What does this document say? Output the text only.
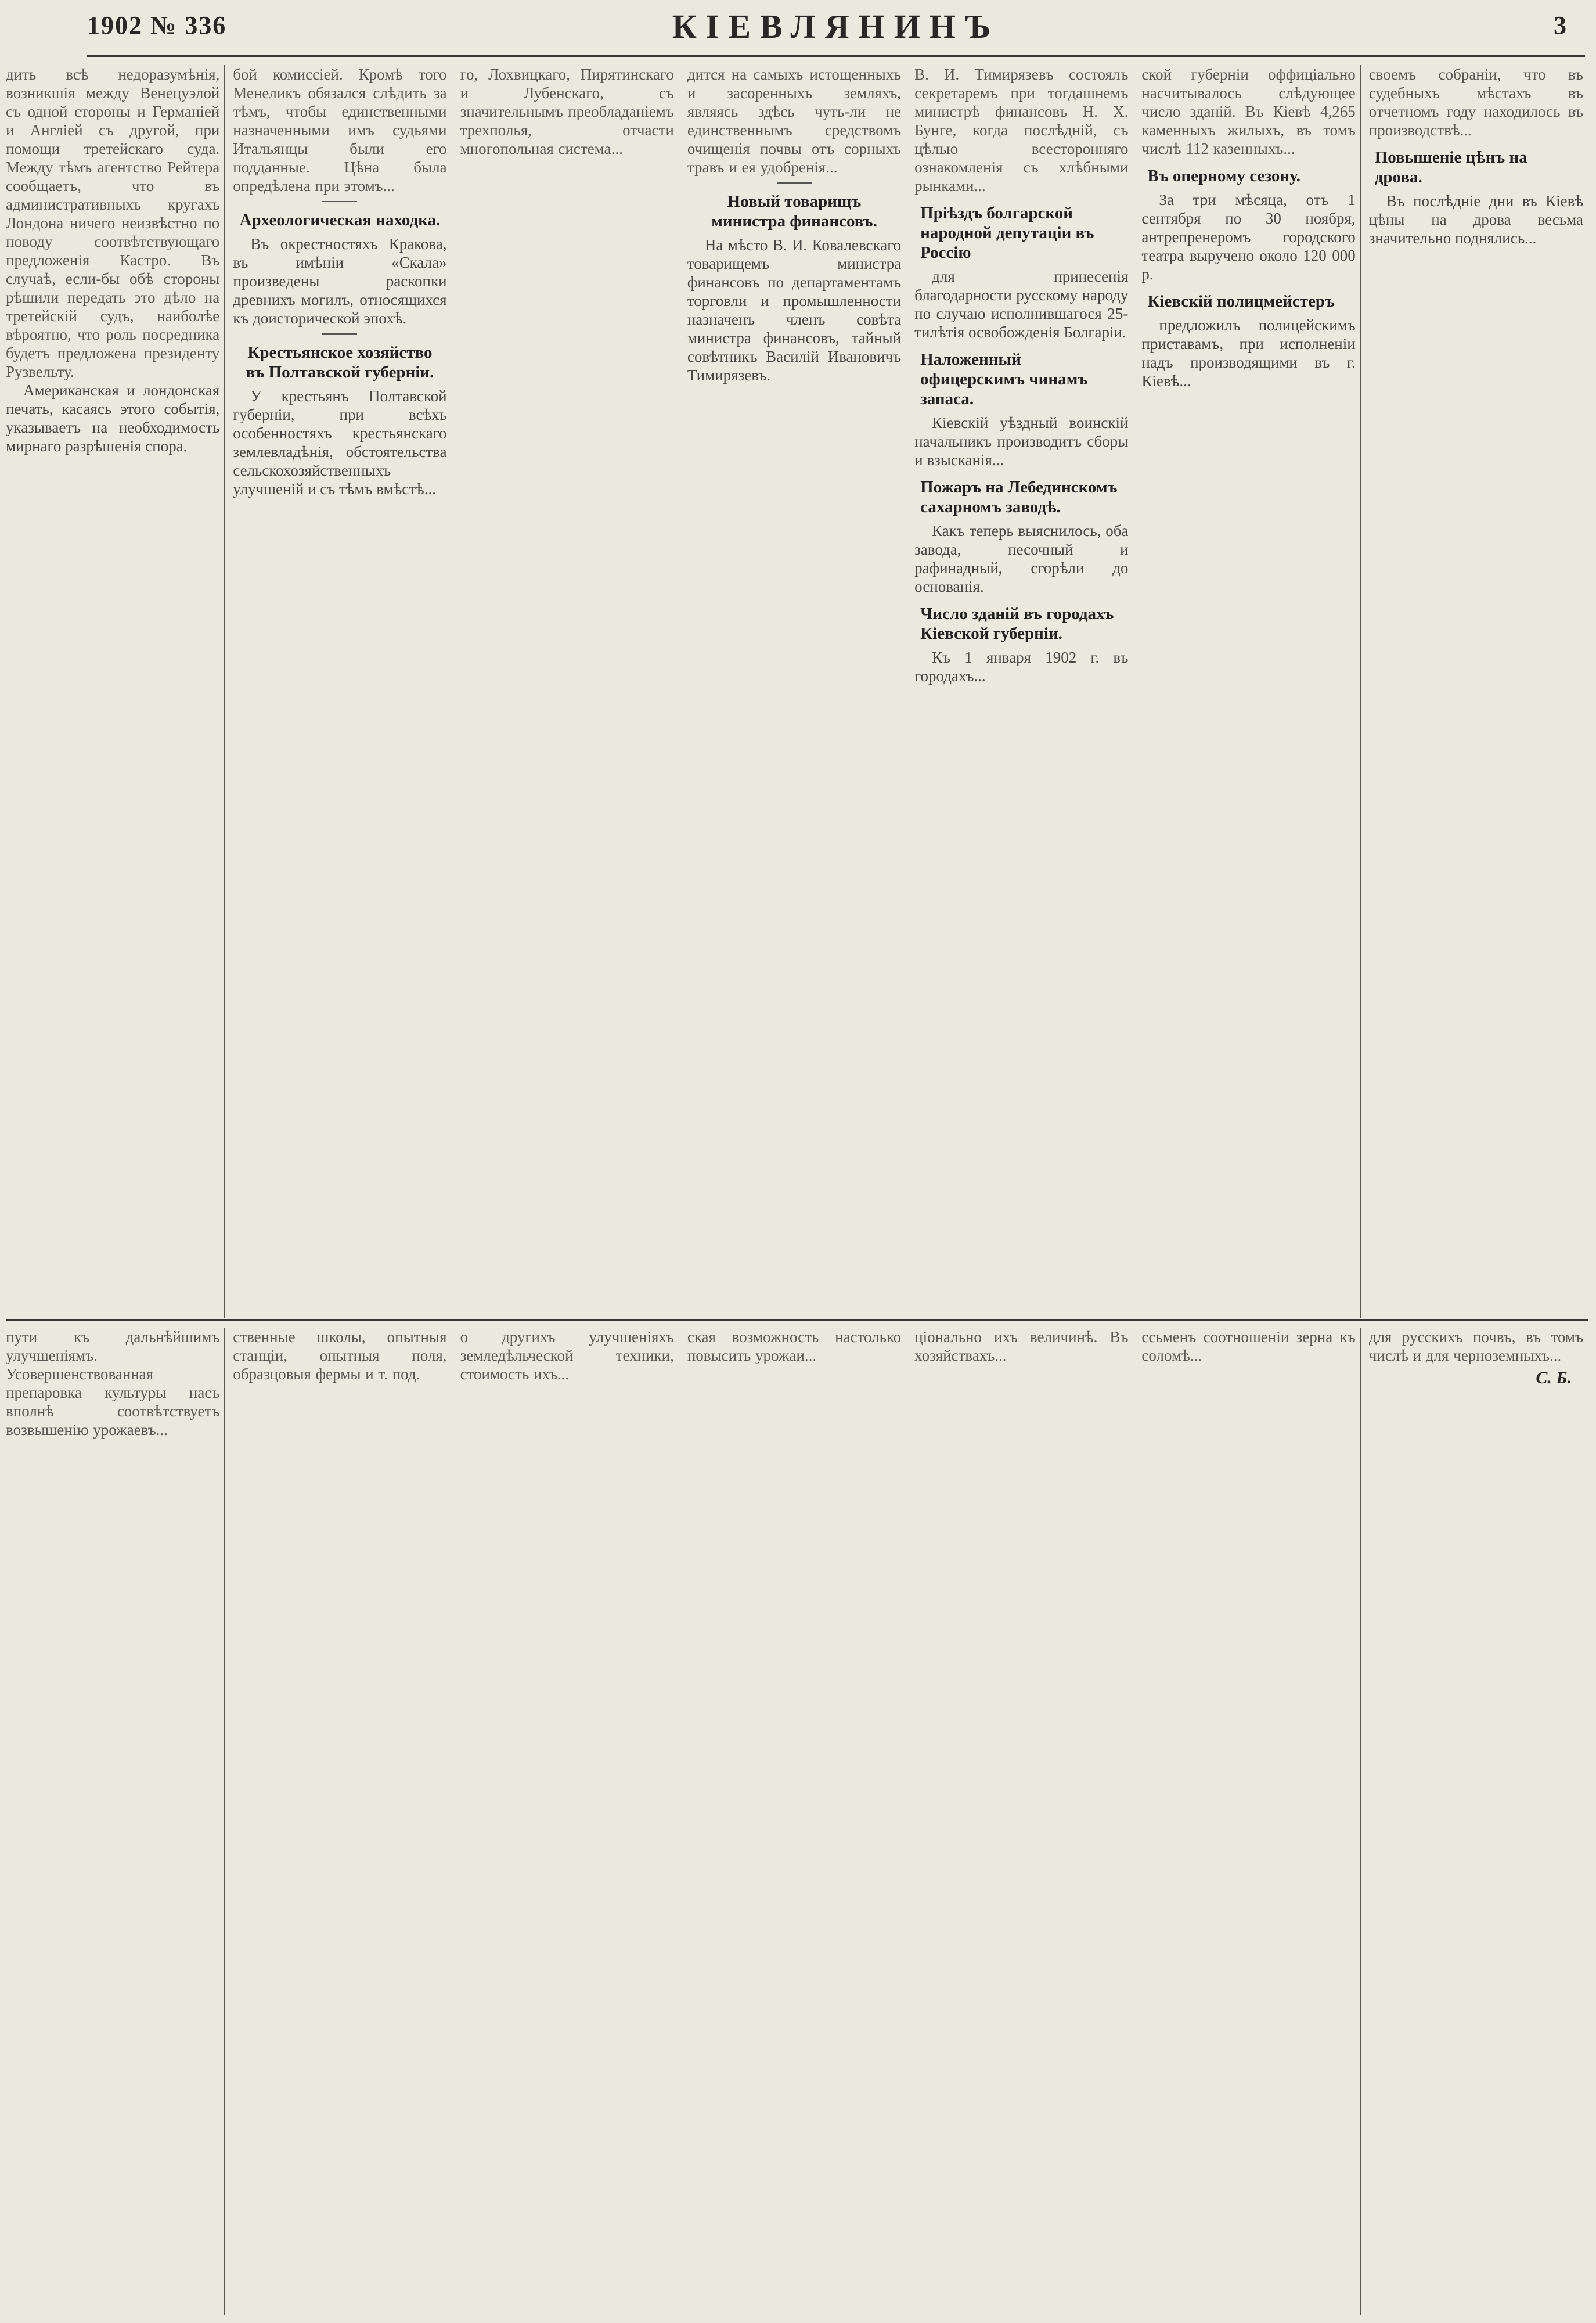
1902 № 336	КІЕВЛЯНИНЪ	3
дить всѣ недоразумѣнія, возникшія между Венецуэлой съ одной стороны и Германіей и Англіей съ другой, при помощи третейскаго суда. Между тѣмъ агентство Рейтера сообщаетъ, что въ административныхъ кругахъ Лондона ничего неизвѣстно по поводу соотвѣтствующаго предложенія Кастро. Въ случаѣ, если-бы обѣ стороны рѣшили передать это дѣло на третейскій судъ, наиболѣе вѣроятно, что роль посредника будетъ предложена президенту Рузвельту.
Американская и лондонская печать, касаясь этого событія, указываетъ на необходимость мирнаго разрѣшенія спора.
бой комиссіей. Кромѣ того Менеликъ обязался слѣдить за тѣмъ, чтобы единственными назначенными имъ судьями Итальянцы были его подданные. Цѣна была опредѣлена при этомъ...
Археологическая находка.
Въ окрестностяхъ Кракова, въ имѣніи «Скала» произведены раскопки древнихъ могилъ, относящихся къ доисторической эпохѣ.
Крестьянское хозяйство въ Полтавской губерніи.
У крестьянъ Полтавской губерніи, при всѣхъ особенностяхъ крестьянскаго землевладѣнія, обстоятельства сельскохозяйственныхъ улучшеній и съ тѣмъ вмѣстѣ...
го, Лохвицкаго, Пирятинскаго и Лубенскаго, съ значительнымъ преобладаніемъ трехполья, отчасти многопольная система...
дится на самыхъ истощенныхъ и засоренныхъ земляхъ, являясь здѣсь чуть-ли не единственнымъ средствомъ очищенія почвы отъ сорныхъ травъ и ея удобренія...
Новый товарищъ министра финансовъ.
На мѣсто В. И. Ковалевскаго товарищемъ министра финансовъ по департаментамъ торговли и промышленности назначенъ членъ совѣта министра финансовъ, тайный совѣтникъ Василій Ивановичъ Тимирязевъ.
В. И. Тимирязевъ состоялъ секретаремъ при тогдашнемъ министрѣ финансовъ Н. Х. Бунге, когда послѣдній, съ цѣлью всесторонняго ознакомленія съ хлѣбными рынками...
Пріѣздъ болгарской народной депутаціи въ Россію
для принесенія благодарности русскому народу по случаю исполнившагося 25-тилѣтія освобожденія Болгаріи.
Наложенный офицерскимъ чинамъ запаса.
Кіевскій уѣздный воинскій начальникъ производитъ сборы и взысканія...
Пожаръ на Лебединскомъ сахарномъ заводѣ.
Какъ теперь выяснилось, оба завода, песочный и рафинадный, сгорѣли до основанія.
Число зданій въ городахъ Кіевской губерніи.
Къ 1 января 1902 г. въ городахъ...
ской губерніи оффиціально насчитывалось слѣдующее число зданій. Въ Кіевѣ 4,265 каменныхъ жилыхъ, въ томъ числѣ 112 казенныхъ...
Въ оперному сезону.
За три мѣсяца, отъ 1 сентября по 30 ноября, антрепренеромъ городского театра выручено около 120 000 р.
Кіевскій полицмейстеръ
предложилъ полицейскимъ приставамъ, при исполненіи надъ производящими въ г. Кіевѣ...
своемъ собраніи, что въ судебныхъ мѣстахъ въ отчетномъ году находилось въ производствѣ...
Повышеніе цѣнъ на дрова.
Въ послѣдніе дни въ Кіевѣ цѣны на дрова весьма значительно поднялись...
пути къ дальнѣйшимъ улучшеніямъ. Усовершенствованная препаровка культуры насъ вполнѣ соотвѣтствуетъ возвышенію урожаевъ...
ственные школы, опытныя станціи, опытныя поля, образцовыя фермы и т. под.
о другихъ улучшеніяхъ земледѣльческой техники, стоимость ихъ...
ская возможность настолько повысить урожаи...
ціонально ихъ величинѣ. Въ хозяйствахъ...
ссьменъ соотношеніи зерна къ соломѣ...
для русскихъ почвъ, въ томъ числѣ и для черноземныхъ...
С. Б.
